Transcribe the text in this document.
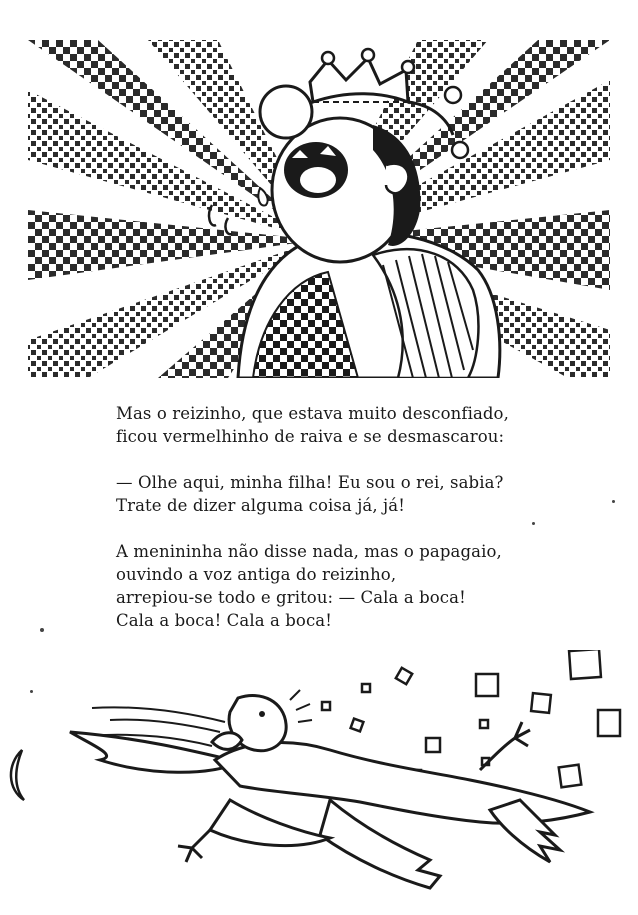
Mas o reizinho, que estava muito desconfiado,
ficou vermelhinho de raiva e se desmascarou:

— Olhe aqui, minha filha! Eu sou o rei, sabia?
Trate de dizer alguma coisa já, já!

A menininha não disse nada, mas o papagaio,
ouvindo a voz antiga do reizinho,
arrepiou-se todo e gritou: — Cala a boca!
Cala a boca! Cala a boca!
